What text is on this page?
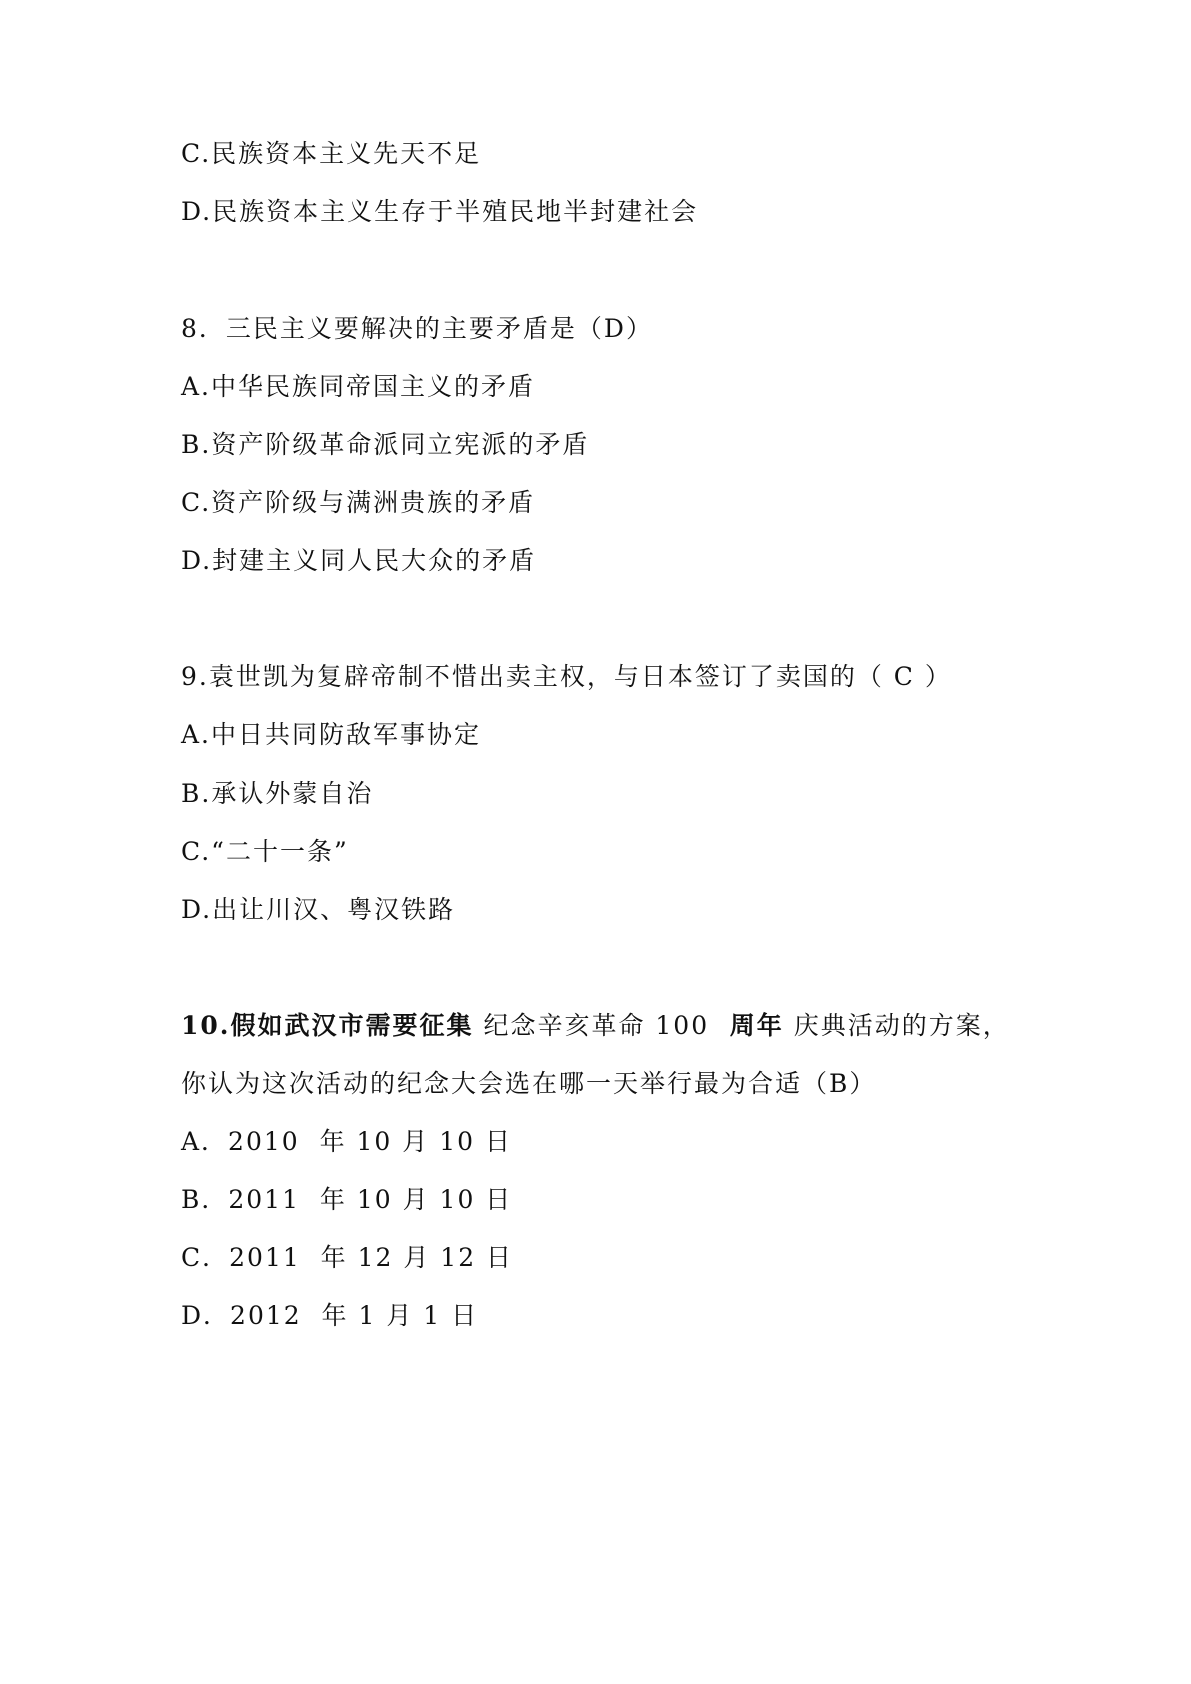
C.民族资本主义先天不足
D.民族资本主义生存于半殖民地半封建社会
8．三民主义要解决的主要矛盾是（D）
A.中华民族同帝国主义的矛盾
B.资产阶级革命派同立宪派的矛盾
C.资产阶级与满洲贵族的矛盾
D.封建主义同人民大众的矛盾
9.袁世凯为复辟帝制不惜出卖主权，与日本签订了卖国的（ C ）
A.中日共同防敌军事协定
B.承认外蒙自治
C.“二十一条”
D.出让川汉、粤汉铁路
10.假如武汉市需要征集 纪念辛亥革命 100  周年 庆典活动的方案，
你认为这次活动的纪念大会选在哪一天举行最为合适（B）
A．2010  年 10 月 10 日
B．2011  年 10 月 10 日
C．2011  年 12 月 12 日
D．2012  年 1 月 1 日
